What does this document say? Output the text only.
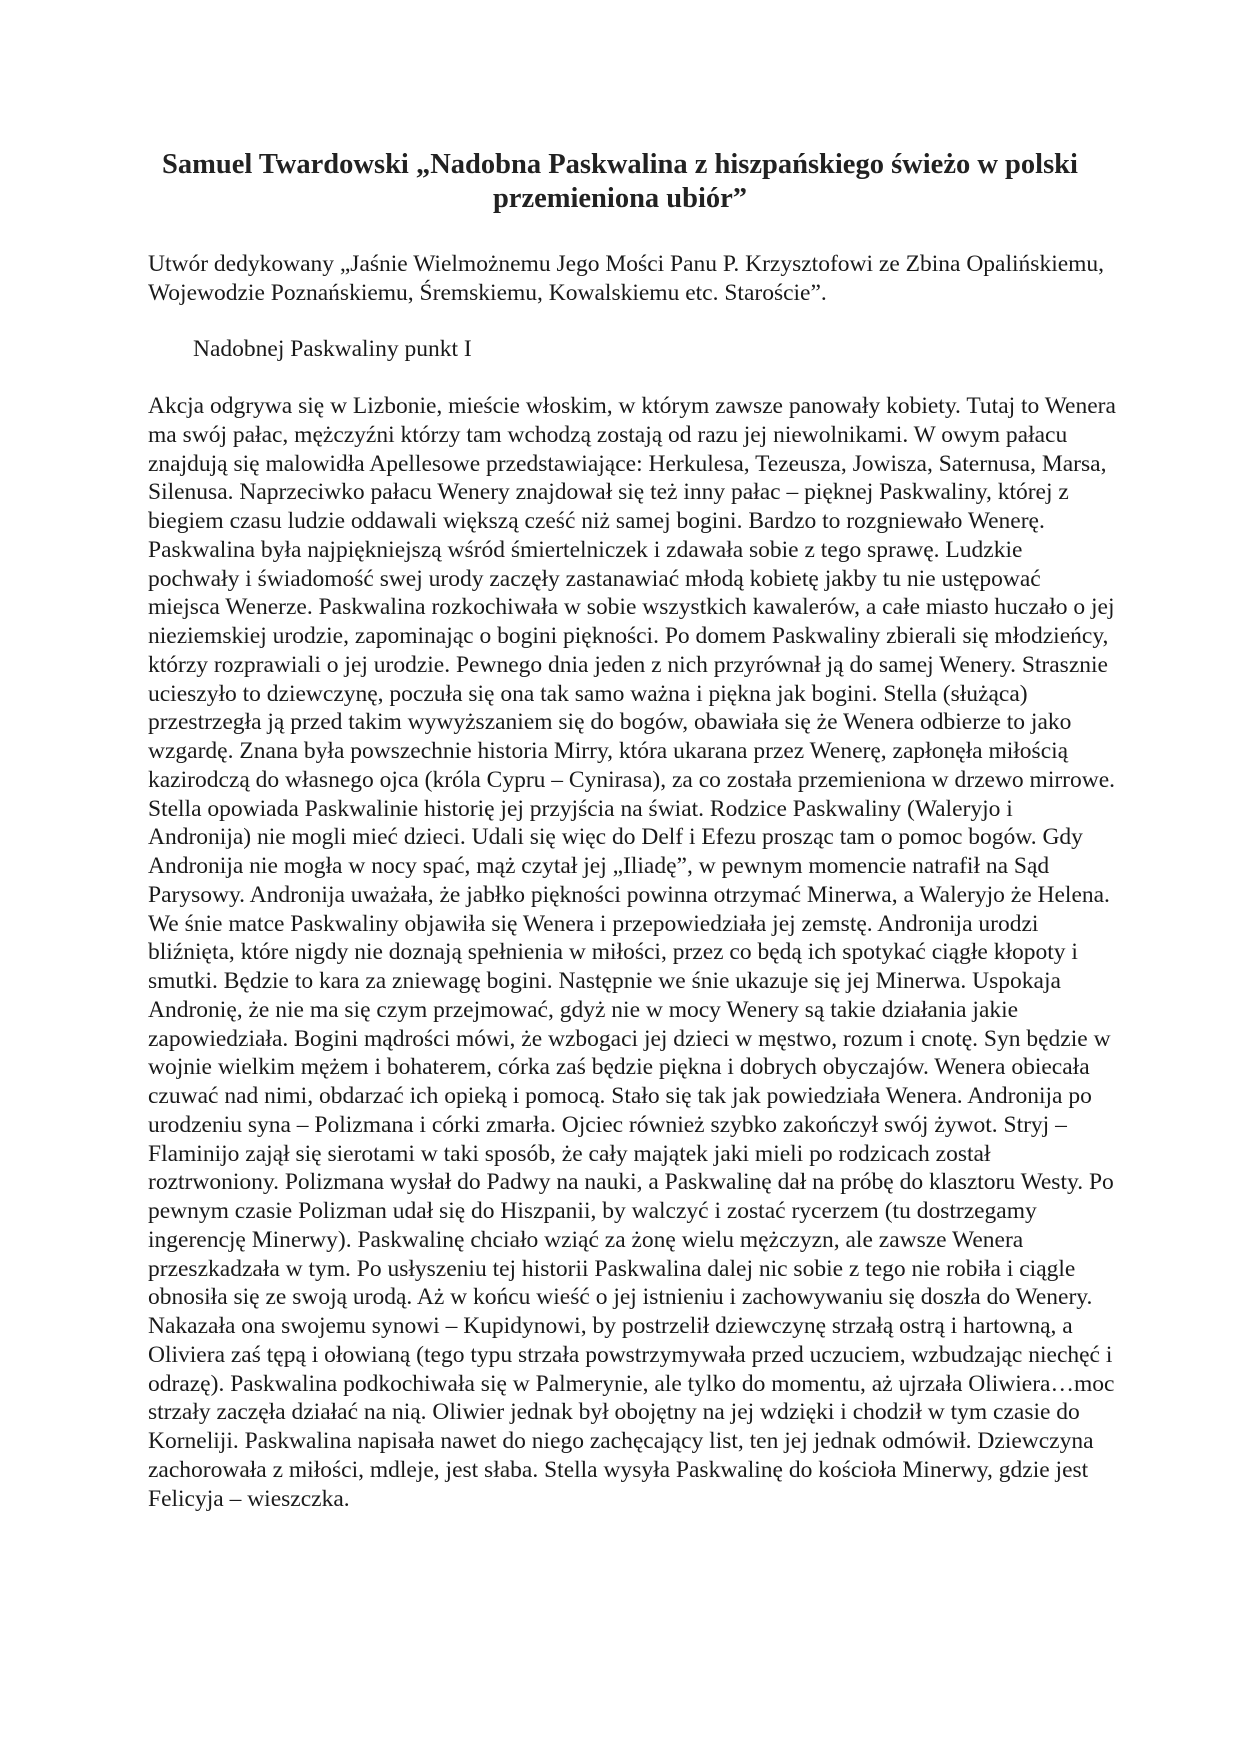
Samuel Twardowski „Nadobna Paskwalina z hiszpańskiego świeżo w polski przemieniona ubiór”

Utwór dedykowany „Jaśnie Wielmożnemu Jego Mości Panu P. Krzysztofowi ze Zbina Opalińskiemu, Wojewodzie Poznańskiemu, Śremskiemu, Kowalskiemu etc. Staroście”.

Nadobnej Paskwaliny punkt I

Akcja odgrywa się w Lizbonie, mieście włoskim, w którym zawsze panowały kobiety. Tutaj to Wenera ma swój pałac, mężczyźni którzy tam wchodzą zostają od razu jej niewolnikami. W owym pałacu znajdują się malowidła Apellesowe przedstawiające: Herkulesa, Tezeusza, Jowisza, Saternusa, Marsa, Silenusa. Naprzeciwko pałacu Wenery znajdował się też inny pałac – pięknej Paskwaliny, której z biegiem czasu ludzie oddawali większą cześć niż samej bogini. Bardzo to rozgniewało Wenerę. Paskwalina była najpiękniejszą wśród śmiertelniczek i zdawała sobie z tego sprawę. Ludzkie pochwały i świadomość swej urody zaczęły zastanawiać młodą kobietę jakby tu nie ustępować miejsca Wenerze. Paskwalina rozkochiwała w sobie wszystkich kawalerów, a całe miasto huczało o jej nieziemskiej urodzie, zapominając o bogini piękności. Po domem Paskwaliny zbierali się młodzieńcy, którzy rozprawiali o jej urodzie. Pewnego dnia jeden z nich przyrównał ją do samej Wenery. Strasznie ucieszyło to dziewczynę, poczuła się ona tak samo ważna i piękna jak bogini. Stella (służąca) przestrzegła ją przed takim wywyższaniem się do bogów, obawiała się że Wenera odbierze to jako wzgardę. Znana była powszechnie historia Mirry, która ukarana przez Wenerę, zapłonęła miłością kazirodczą do własnego ojca (króla Cypru – Cynirasa), za co została przemieniona w drzewo mirrowe. Stella opowiada Paskwalinie historię jej przyjścia na świat. Rodzice Paskwaliny (Waleryjo i Andronija) nie mogli mieć dzieci. Udali się więc do Delf i Efezu prosząc tam o pomoc bogów. Gdy Andronija nie mogła w nocy spać, mąż czytał jej „Iliadę”, w pewnym momencie natrafił na Sąd Parysowy. Andronija uważała, że jabłko piękności powinna otrzymać Minerwa, a Waleryjo że Helena. We śnie matce Paskwaliny objawiła się Wenera i przepowiedziała jej zemstę. Andronija urodzi bliźnięta, które nigdy nie doznają spełnienia w miłości, przez co będą ich spotykać ciągłe kłopoty i smutki. Będzie to kara za zniewagę bogini. Następnie we śnie ukazuje się jej Minerwa. Uspokaja Andronię, że nie ma się czym przejmować, gdyż nie w mocy Wenery są takie działania jakie zapowiedziała. Bogini mądrości mówi, że wzbogaci jej dzieci w męstwo, rozum i cnotę. Syn będzie w wojnie wielkim mężem i bohaterem, córka zaś będzie piękna i dobrych obyczajów. Wenera obiecała czuwać nad nimi, obdarzać ich opieką i pomocą. Stało się tak jak powiedziała Wenera. Andronija po urodzeniu syna – Polizmana i córki zmarła. Ojciec również szybko zakończył swój żywot. Stryj – Flaminijo zajął się sierotami w taki sposób, że cały majątek jaki mieli po rodzicach został roztrwoniony. Polizmana wysłał do Padwy na nauki, a Paskwalinę dał na próbę do klasztoru Westy. Po pewnym czasie Polizman udał się do Hiszpanii, by walczyć i zostać rycerzem (tu dostrzegamy ingerencję Minerwy). Paskwalinę chciało wziąć za żonę wielu mężczyzn, ale zawsze Wenera przeszkadzała w tym. Po usłyszeniu tej historii Paskwalina dalej nic sobie z tego nie robiła i ciągle obnosiła się ze swoją urodą. Aż w końcu wieść o jej istnieniu i zachowywaniu się doszła do Wenery. Nakazała ona swojemu synowi – Kupidynowi, by postrzelił dziewczynę strzałą ostrą i hartowną, a Oliviera zaś tępą i ołowianą (tego typu strzała powstrzymywała przed uczuciem, wzbudzając niechęć i odrazę). Paskwalina podkochiwała się w Palmerynie, ale tylko do momentu, aż ujrzała Oliwiera…moc strzały zaczęła działać na nią. Oliwier jednak był obojętny na jej wdzięki i chodził w tym czasie do Korneliji. Paskwalina napisała nawet do niego zachęcający list, ten jej jednak odmówił. Dziewczyna zachorowała z miłości, mdleje, jest słaba. Stella wysyła Paskwalinę do kościoła Minerwy, gdzie jest Felicyja – wieszczka.
